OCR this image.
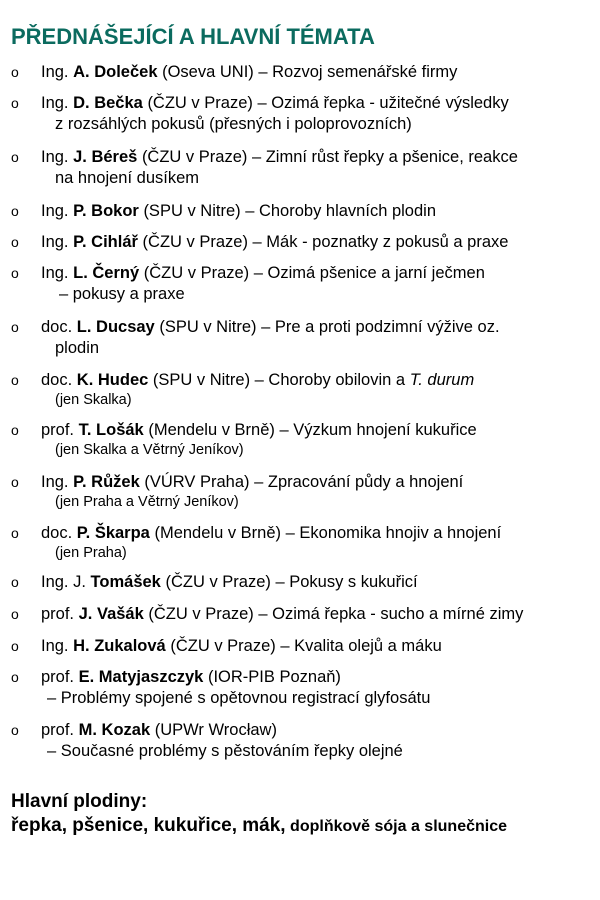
PŘEDNÁŠEJÍCÍ A HLAVNÍ TÉMATA
o Ing. A. Doleček (Oseva UNI) – Rozvoj semenářské firmy
o Ing. D. Bečka (ČZU v Praze) – Ozimá řepka - užitečné výsledky
z rozsáhlých pokusů (přesných i poloprovozních)
o Ing. J. Béreš (ČZU v Praze) – Zimní růst řepky a pšenice, reakce
na hnojení dusíkem
o Ing. P. Bokor (SPU v Nitre) – Choroby hlavních plodin
o Ing. P. Cihlář (ČZU v Praze) – Mák - poznatky z pokusů a praxe
o Ing. L. Černý (ČZU v Praze) – Ozimá pšenice a jarní ječmen
– pokusy a praxe
o doc. L. Ducsay (SPU v Nitre) – Pre a proti podzimní výžive oz.
plodin
o doc. K. Hudec (SPU v Nitre) – Choroby obilovin a T. durum
(jen Skalka)
o prof. T. Lošák (Mendelu v Brně) – Výzkum hnojení kukuřice
(jen Skalka a Větrný Jeníkov)
o Ing. P. Růžek (VÚRV Praha) – Zpracování půdy a hnojení
(jen Praha a Větrný Jeníkov)
o doc. P. Škarpa (Mendelu v Brně) – Ekonomika hnojiv a hnojení
(jen Praha)
o Ing. J. Tomášek (ČZU v Praze) – Pokusy s kukuřicí
o prof. J. Vašák (ČZU v Praze) – Ozimá řepka - sucho a mírné zimy
o Ing. H. Zukalová (ČZU v Praze) – Kvalita olejů a máku
o prof. E. Matyjaszczyk (IOR-PIB Poznaň)
– Problémy spojené s opětovnou registrací glyfosátu
o prof. M. Kozak (UPWr Wrocław)
– Současné problémy s pěstováním řepky olejné
Hlavní plodiny:
řepka, pšenice, kukuřice, mák, doplňkově sója a slunečnice
